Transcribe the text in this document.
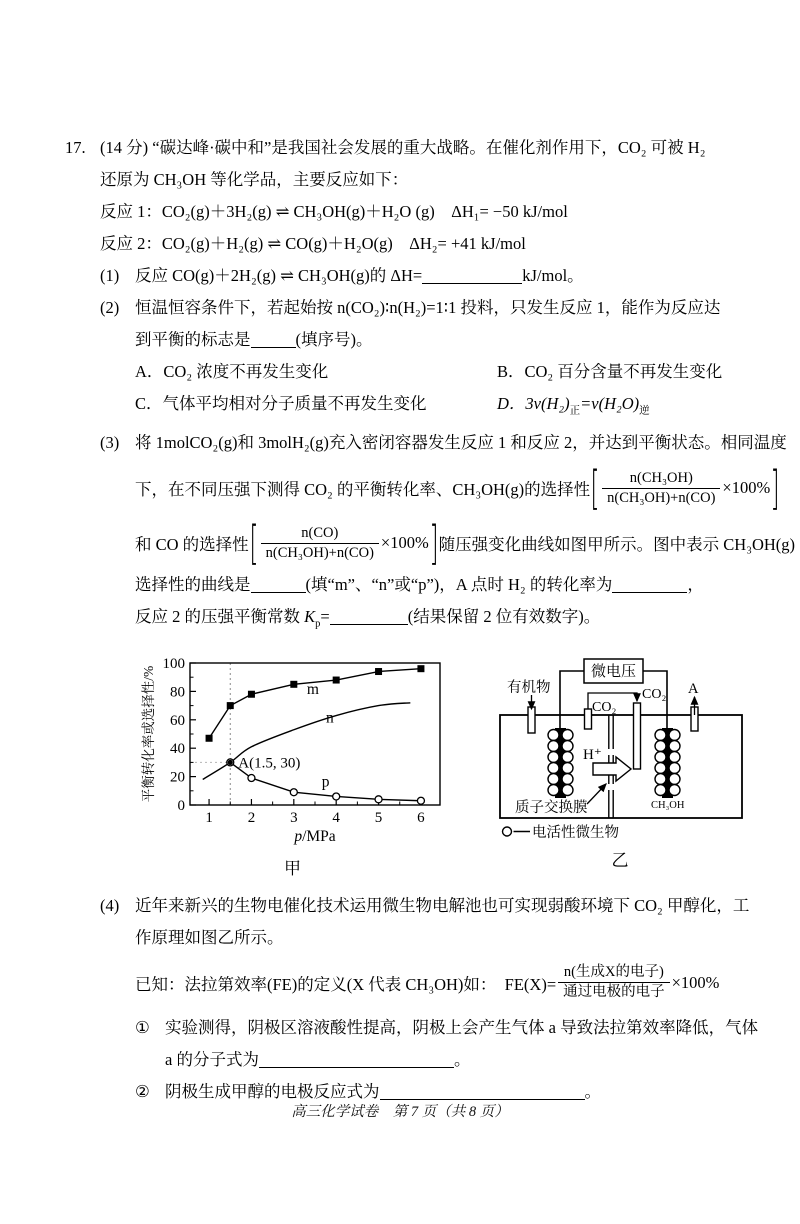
17. (14 分) “碳达峰·碳中和”是我国社会发展的重大战略。在催化剂作用下，CO₂ 可被 H₂
还原为 CH₃OH 等化学品，主要反应如下：
反应 1：CO₂(g)＋3H₂(g) ⇌ CH₃OH(g)＋H₂O (g)　ΔH₁= −50 kJ/mol
反应 2：CO₂(g)＋H₂(g) ⇌ CO(g)＋H₂O(g)　ΔH₂= +41 kJ/mol
(1) 反应 CO(g)＋2H₂(g) ⇌ CH₃OH(g)的 ΔH=	kJ/mol。
(2) 恒温恒容条件下，若起始按 n(CO₂)∶n(H₂)=1∶1 投料，只发生反应 1，能作为反应达
到平衡的标志是	(填序号)。
A．CO₂ 浓度不再发生变化	B．CO₂ 百分含量不再发生变化
C．气体平均相对分子质量不再发生变化	D．$3v(H_2)_正=v(H_2O)_逆$
(3) 将 1molCO₂(g)和 3molH₂(g)充入密闭容器发生反应 1 和反应 2，并达到平衡状态。相同温度
下，在不同压强下测得 CO₂ 的平衡转化率、CH₃OH(g)的选择性 [ $\frac{\text{n(CH₃OH)}}{\text{n(CH₃OH)+n(CO)}} \times 100\%$ ]
和 CO 的选择性 [ $\frac{n(CO)}{\text{n(CH₃OH)+n(CO)}} \times 100\%$ ] 随压强变化曲线如图甲所示。图中表示 CH₃OH(g)
选择性的曲线是	(填“m”、“n”或“p”)，A 点时 H₂ 的转化率为	，
反应 2 的压强平衡常数 $K_p=$	(结果保留 2 位有效数字)。
1 2 3 4 5 6
0
20
40
60
80
100
平衡转化率或选择性/%
p/MPa
m
n
p
A(1.5, 30)
甲
微电压
H⁺
质子交换膜
有机物
CO₂
CO₂ A
CH₃OH
电活性微生物
乙
(4) 近年来新兴的生物电催化技术运用微生物电解池也可实现弱酸环境下 CO₂ 甲醇化，工
作原理如图乙所示。
已知：法拉第效率(FE)的定义(X 代表 CH₃OH)如：　$FE(X)= \frac{\text{n(生成X的电子)}}{\text{通过电极的电子}} \times 100\%$
① 实验测得，阴极区溶液酸性提高，阴极上会产生气体 a 导致法拉第效率降低，气体
a 的分子式为	。
② 阴极生成甲醇的电极反应式为	。
高三化学试卷　第 7 页（共 8 页）
